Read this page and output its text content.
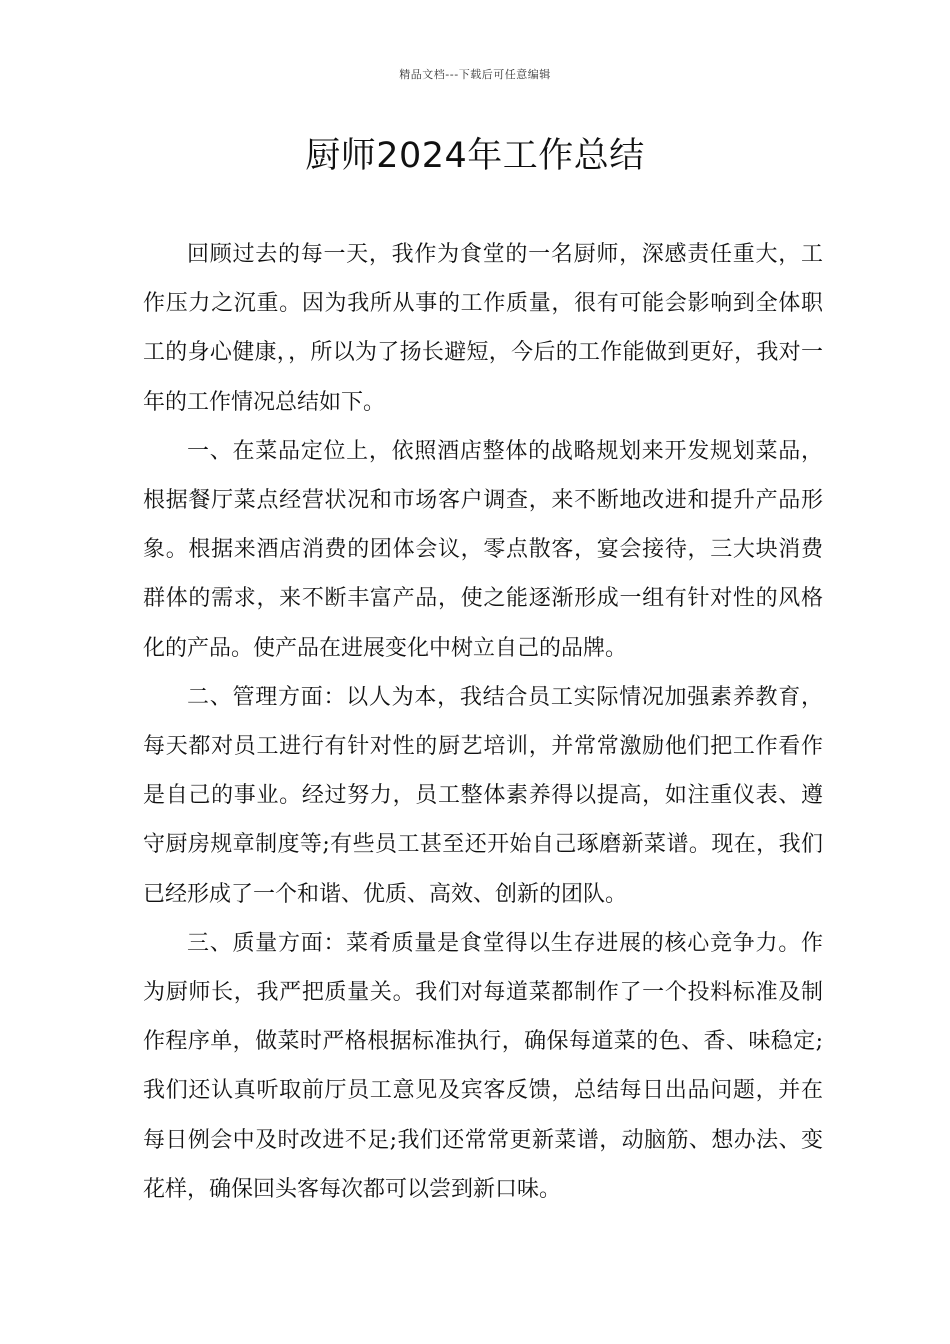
精品文档---下载后可任意编辑
厨师2024年工作总结

回顾过去的每一天，我作为食堂的一名厨师，深感责任重大，工作压力之沉重。因为我所从事的工作质量，很有可能会影响到全体职工的身心健康，，所以为了扬长避短，今后的工作能做到更好，我对一年的工作情况总结如下。

一、在菜品定位上，依照酒店整体的战略规划来开发规划菜品，根据餐厅菜点经营状况和市场客户调查，来不断地改进和提升产品形象。根据来酒店消费的团体会议，零点散客，宴会接待，三大块消费群体的需求，来不断丰富产品，使之能逐渐形成一组有针对性的风格化的产品。使产品在进展变化中树立自己的品牌。

二、管理方面：以人为本，我结合员工实际情况加强素养教育，每天都对员工进行有针对性的厨艺培训，并常常激励他们把工作看作是自己的事业。经过努力，员工整体素养得以提高，如注重仪表、遵守厨房规章制度等;有些员工甚至还开始自己琢磨新菜谱。现在，我们已经形成了一个和谐、优质、高效、创新的团队。

三、质量方面：菜肴质量是食堂得以生存进展的核心竞争力。作为厨师长，我严把质量关。我们对每道菜都制作了一个投料标准及制作程序单，做菜时严格根据标准执行，确保每道菜的色、香、味稳定;我们还认真听取前厅员工意见及宾客反馈，总结每日出品问题，并在每日例会中及时改进不足;我们还常常更新菜谱，动脑筋、想办法、变花样，确保回头客每次都可以尝到新口味。
